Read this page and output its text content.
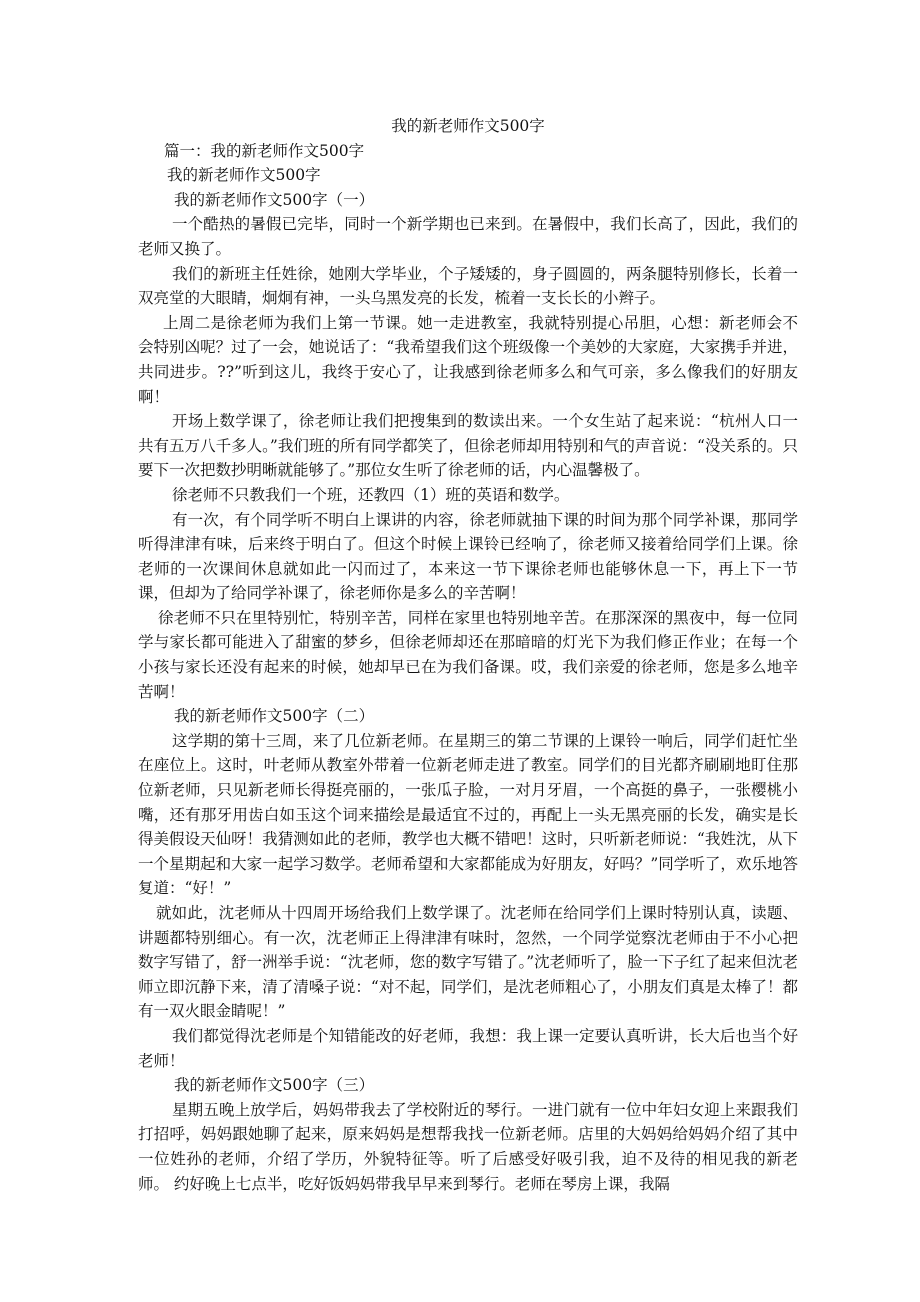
我的新老师作文500字

篇一：我的新老师作文500字

我的新老师作文500字

我的新老师作文500字（一）

一个酷热的暑假已完毕，同时一个新学期也已来到。在暑假中，我们长高了，因此，我们的老师又换了。

我们的新班主任姓徐，她刚大学毕业，个子矮矮的，身子圆圆的，两条腿特别修长，长着一双亮堂的大眼睛，炯炯有神，一头乌黑发亮的长发，梳着一支长长的小辫子。

上周二是徐老师为我们上第一节课。她一走进教室，我就特别提心吊胆，心想：新老师会不会特别凶呢？过了一会，她说话了：“我希望我们这个班级像一个美妙的大家庭，大家携手并进，共同进步。??”听到这儿，我终于安心了，让我感到徐老师多么和气可亲，多么像我们的好朋友啊！

开场上数学课了，徐老师让我们把搜集到的数读出来。一个女生站了起来说：“杭州人口一共有五万八千多人。”我们班的所有同学都笑了，但徐老师却用特别和气的声音说：“没关系的。只要下一次把数抄明晰就能够了。”那位女生听了徐老师的话，内心温馨极了。

徐老师不只教我们一个班，还教四（1）班的英语和数学。

有一次，有个同学听不明白上课讲的内容，徐老师就抽下课的时间为那个同学补课，那同学听得津津有味，后来终于明白了。但这个时候上课铃已经响了，徐老师又接着给同学们上课。徐老师的一次课间休息就如此一闪而过了，本来这一节下课徐老师也能够休息一下，再上下一节课，但却为了给同学补课了，徐老师你是多么的辛苦啊！

徐老师不只在里特别忙，特别辛苦，同样在家里也特别地辛苦。在那深深的黑夜中，每一位同学与家长都可能进入了甜蜜的梦乡，但徐老师却还在那暗暗的灯光下为我们修正作业；在每一个小孩与家长还没有起来的时候，她却早已在为我们备课。哎，我们亲爱的徐老师，您是多么地辛苦啊！

我的新老师作文500字（二）

这学期的第十三周，来了几位新老师。在星期三的第二节课的上课铃一响后，同学们赶忙坐在座位上。这时，叶老师从教室外带着一位新老师走进了教室。同学们的目光都齐刷刷地盯住那位新老师，只见新老师长得挺亮丽的，一张瓜子脸，一对月牙眉，一个高挺的鼻子，一张樱桃小嘴，还有那牙用齿白如玉这个词来描绘是最适宜不过的，再配上一头无黑亮丽的长发，确实是长得美假设天仙呀！我猜测如此的老师，教学也大概不错吧！这时，只听新老师说：“我姓沈，从下一个星期起和大家一起学习数学。老师希望和大家都能成为好朋友，好吗？”同学听了，欢乐地答复道：“好！”

就如此，沈老师从十四周开场给我们上数学课了。沈老师在给同学们上课时特别认真，读题、讲题都特别细心。有一次，沈老师正上得津津有味时，忽然，一个同学觉察沈老师由于不小心把数字写错了，舒一洲举手说：“沈老师，您的数字写错了。”沈老师听了，脸一下子红了起来但沈老师立即沉静下来，清了清嗓子说：“对不起，同学们，是沈老师粗心了，小朋友们真是太棒了！都有一双火眼金睛呢！”

我们都觉得沈老师是个知错能改的好老师，我想：我上课一定要认真听讲，长大后也当个好老师！

我的新老师作文500字（三）

星期五晚上放学后，妈妈带我去了学校附近的琴行。一进门就有一位中年妇女迎上来跟我们打招呼，妈妈跟她聊了起来，原来妈妈是想帮我找一位新老师。店里的大妈妈给妈妈介绍了其中一位姓孙的老师，介绍了学历，外貌特征等。听了后感受好吸引我，迫不及待的相见我的新老师。 约好晚上七点半，吃好饭妈妈带我早早来到琴行。老师在琴房上课，我隔
